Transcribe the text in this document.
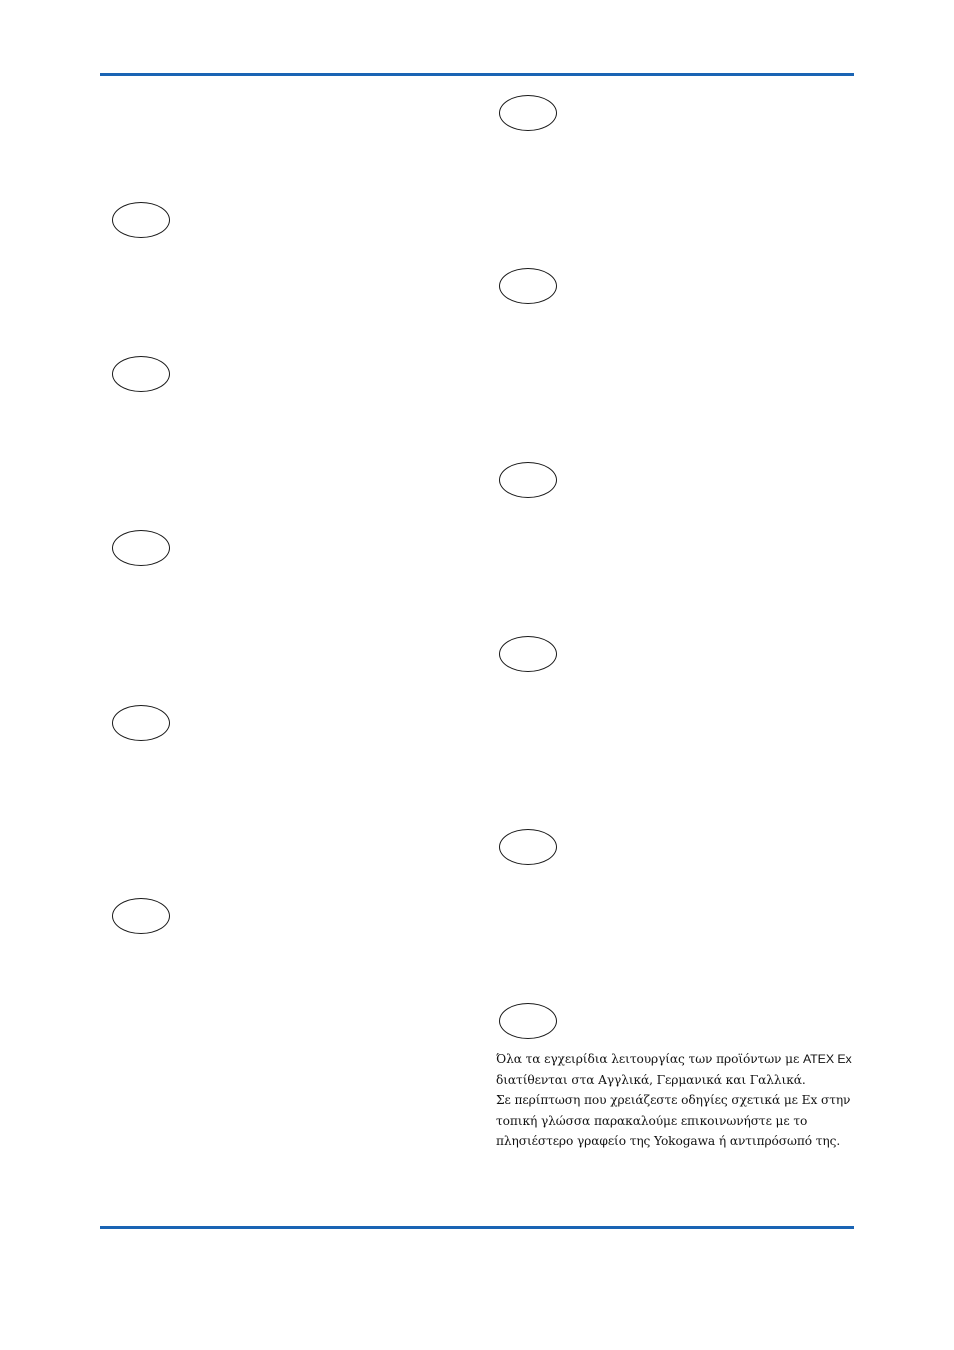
Όλα τα εγχειρίδια λειτουργίας των προϊόντων με ATEX Ex
διατίθενται στα Αγγλικά, Γερμανικά και Γαλλικά.
Σε περίπτωση που χρειάζεστε οδηγίες σχετικά με Ex στην
τοπική γλώσσα παρακαλούμε επικοινωνήστε με το
πλησιέστερο γραφείο της Yokogawa ή αντιπρόσωπό της.
